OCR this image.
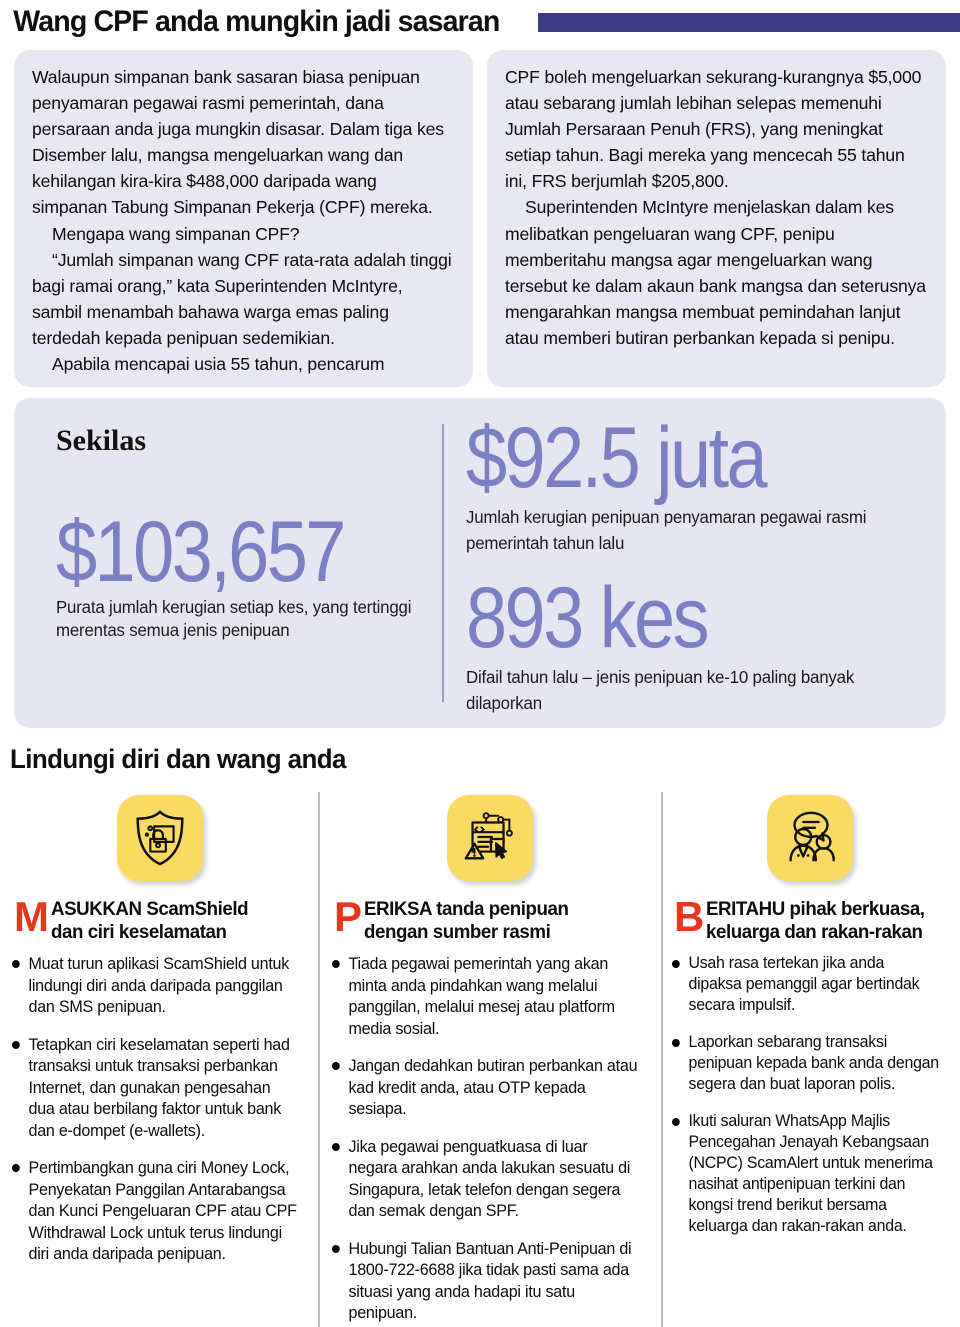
Wang CPF anda mungkin jadi sasaran

Walaupun simpanan bank sasaran biasa penipuan penyamaran pegawai rasmi pemerintah, dana persaraan anda juga mungkin disasar. Dalam tiga kes Disember lalu, mangsa mengeluarkan wang dan kehilangan kira-kira $488,000 daripada wang simpanan Tabung Simpanan Pekerja (CPF) mereka.

Mengapa wang simpanan CPF?

“Jumlah simpanan wang CPF rata-rata adalah tinggi bagi ramai orang,” kata Superintenden McIntyre, sambil menambah bahawa warga emas paling terdedah kepada penipuan sedemikian.

Apabila mencapai usia 55 tahun, pencarum

CPF boleh mengeluarkan sekurang-kurangnya $5,000 atau sebarang jumlah lebihan selepas memenuhi Jumlah Persaraan Penuh (FRS), yang meningkat setiap tahun. Bagi mereka yang mencecah 55 tahun ini, FRS berjumlah $205,800.

Superintenden McIntyre menjelaskan dalam kes melibatkan pengeluaran wang CPF, penipu memberitahu mangsa agar mengeluarkan wang tersebut ke dalam akaun bank mangsa dan seterusnya mengarahkan mangsa membuat pemindahan lanjut atau memberi butiran perbankan kepada si penipu.

Sekilas
$103,657
Purata jumlah kerugian setiap kes, yang tertinggi merentas semua jenis penipuan
$92.5 juta
Jumlah kerugian penipuan penyamaran pegawai rasmi pemerintah tahun lalu
893 kes
Difail tahun lalu – jenis penipuan ke-10 paling banyak dilaporkan
Lindungi diri dan wang anda
M ASUKKAN ScamShield
dan ciri keselamatan
Muat turun aplikasi ScamShield untuk lindungi diri anda daripada panggilan dan SMS penipuan.
Tetapkan ciri keselamatan seperti had transaksi untuk transaksi perbankan Internet, dan gunakan pengesahan dua atau berbilang faktor untuk bank dan e-dompet (e-wallets).
Pertimbangkan guna ciri Money Lock, Penyekatan Panggilan Antarabangsa dan Kunci Pengeluaran CPF atau CPF Withdrawal Lock untuk terus lindungi diri anda daripada penipuan.
P ERIKSA tanda penipuan
dengan sumber rasmi
Tiada pegawai pemerintah yang akan minta anda pindahkan wang melalui panggilan, melalui mesej atau platform media sosial.
Jangan dedahkan butiran perbankan atau kad kredit anda, atau OTP kepada sesiapa.
Jika pegawai penguatkuasa di luar negara arahkan anda lakukan sesuatu di Singapura, letak telefon dengan segera dan semak dengan SPF.
Hubungi Talian Bantuan Anti-Penipuan di 1800-722-6688 jika tidak pasti sama ada situasi yang anda hadapi itu satu penipuan.
B ERITAHU pihak berkuasa,
keluarga dan rakan-rakan
Usah rasa tertekan jika anda dipaksa pemanggil agar bertindak secara impulsif.
Laporkan sebarang transaksi penipuan kepada bank anda dengan segera dan buat laporan polis.
Ikuti saluran WhatsApp Majlis Pencegahan Jenayah Kebangsaan (NCPC) ScamAlert untuk menerima nasihat antipenipuan terkini dan kongsi trend berikut bersama keluarga dan rakan-rakan anda.
